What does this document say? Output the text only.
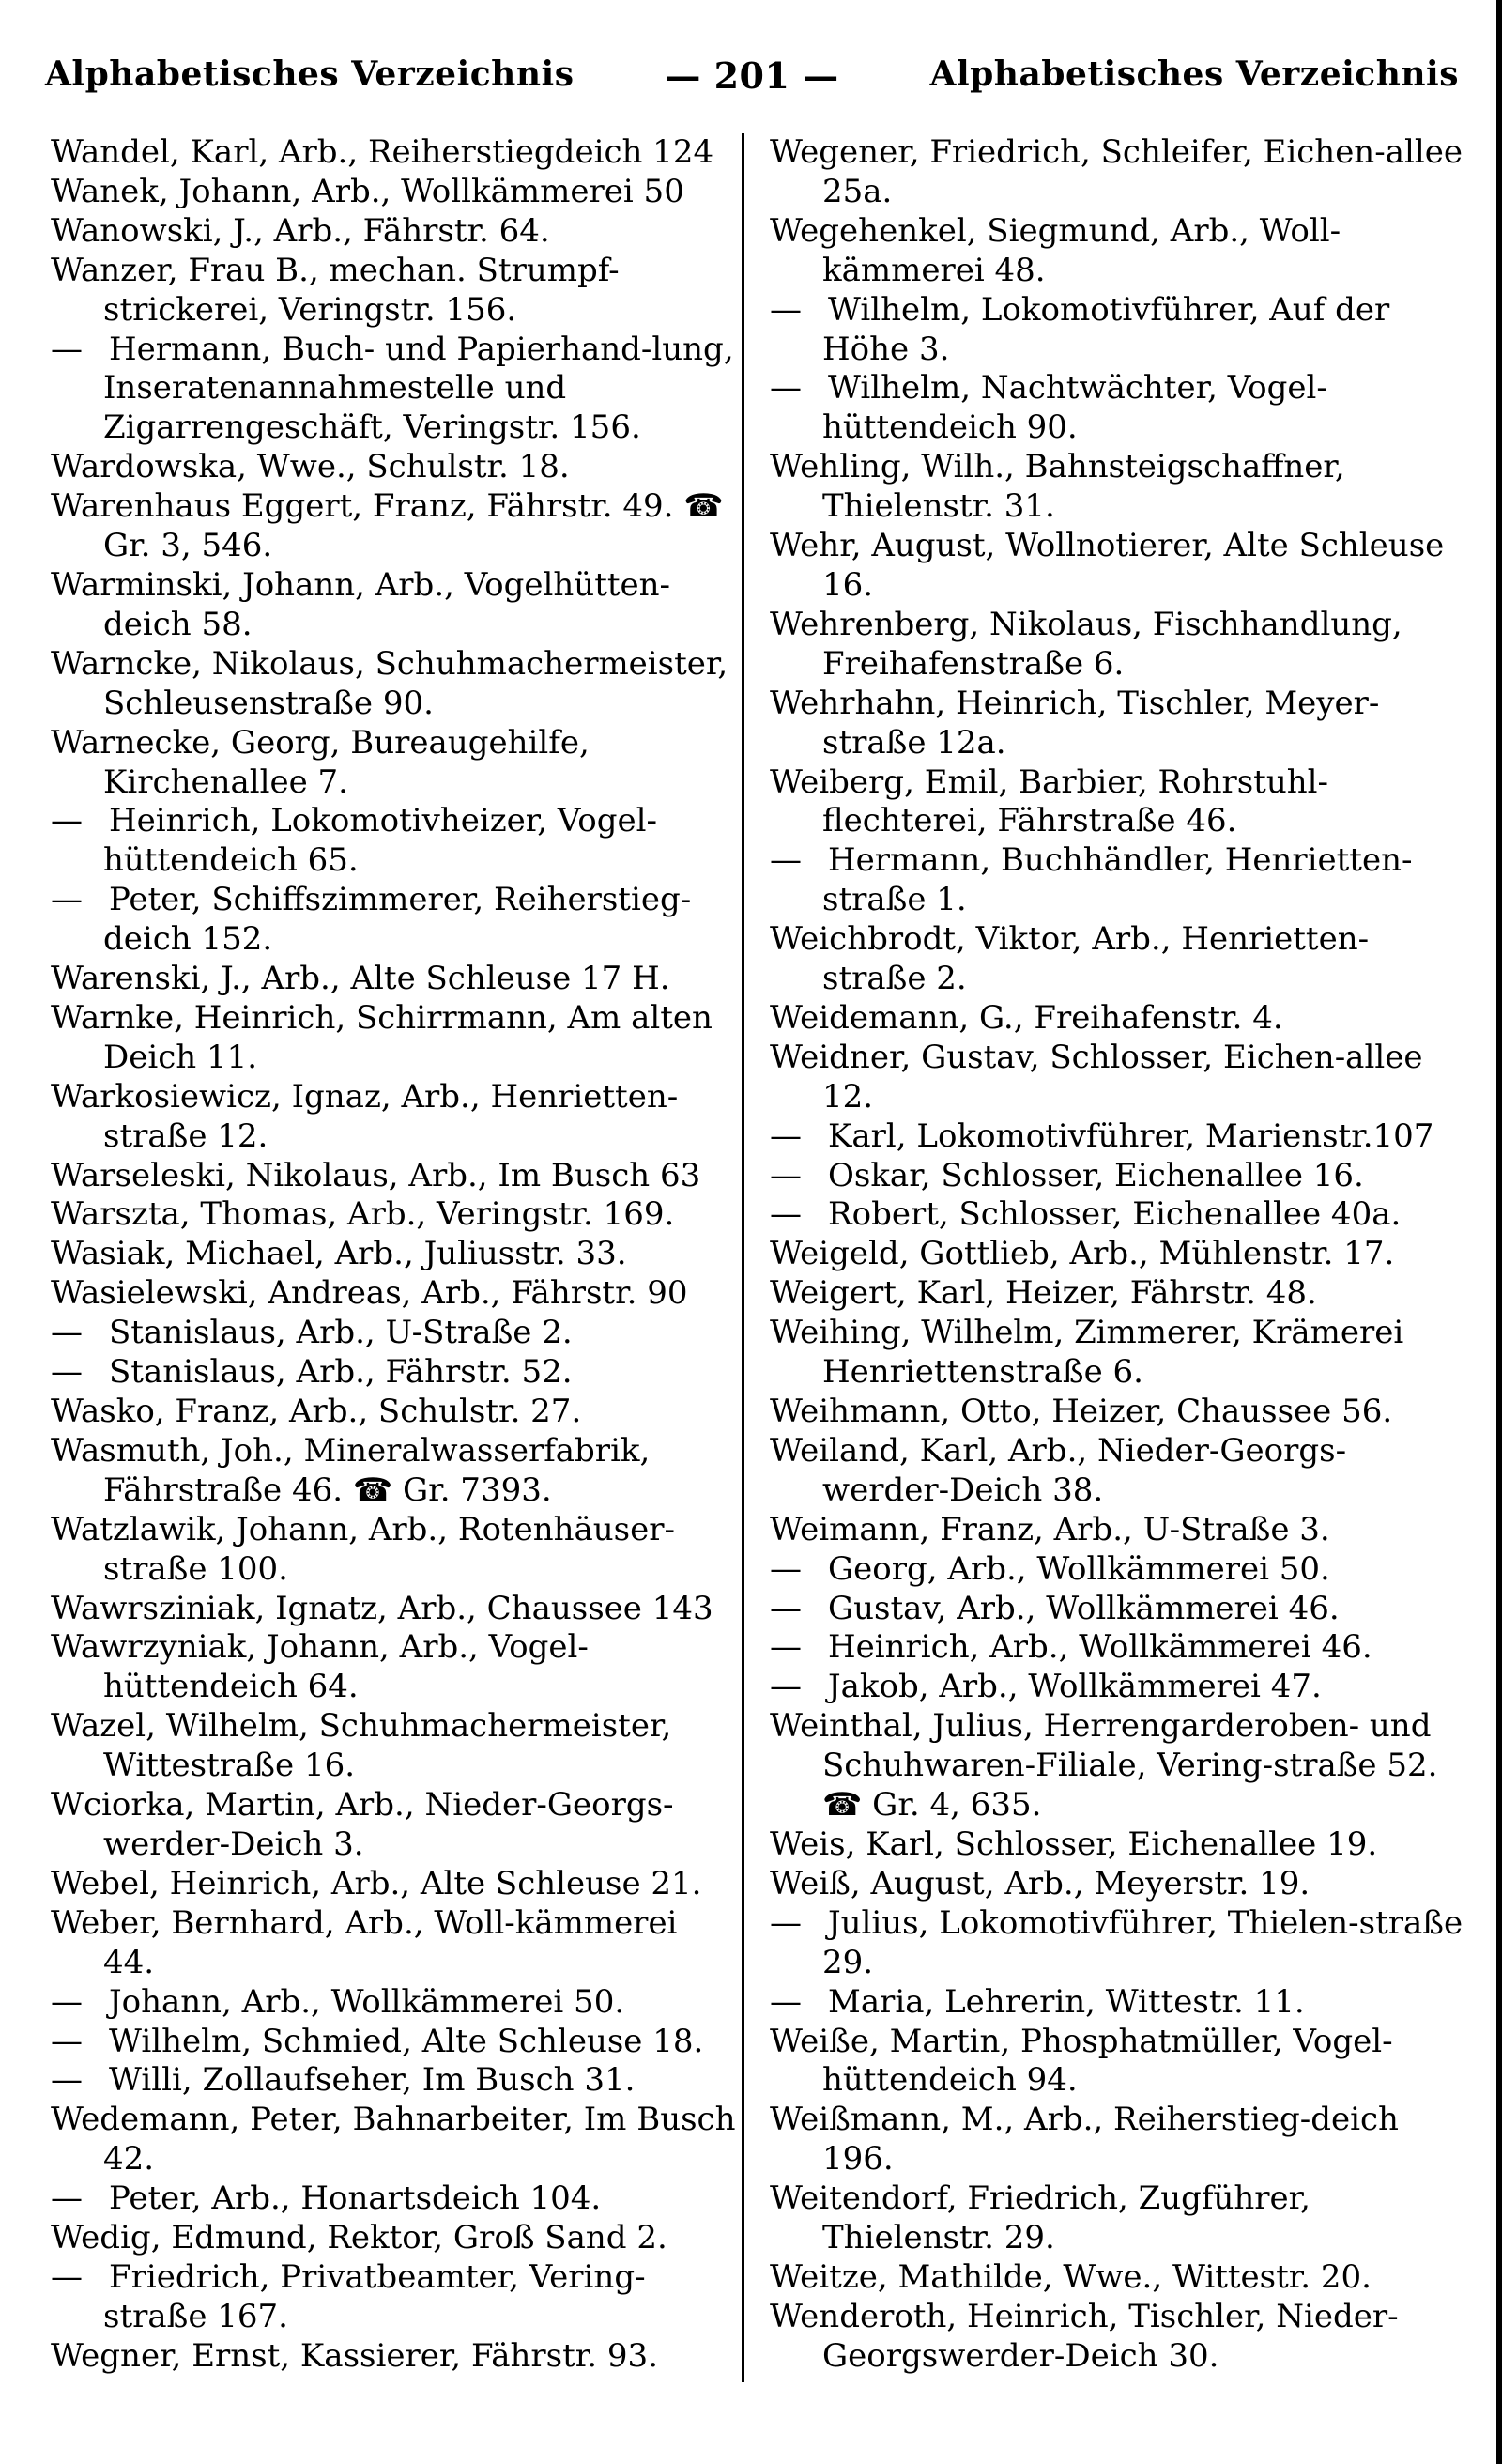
Alphabetisches Verzeichnis	— 201 —	Alphabetisches Verzeichnis
Wandel, Karl, Arb., Reiherstiegdeich 124
Wanek, Johann, Arb., Wollkämmerei 50
Wanowski, J., Arb., Fährstr. 64.
Wanzer, Frau B., mechan. Strumpf-strickerei, Veringstr. 156.
— Hermann, Buch- und Papierhand-lung, Inseratenannahmestelle und Zigarrengeschäft, Veringstr. 156.
Wardowska, Wwe., Schulstr. 18.
Warenhaus Eggert, Franz, Fährstr. 49. ☎ Gr. 3, 546.
Warminski, Johann, Arb., Vogelhütten-deich 58.
Warncke, Nikolaus, Schuhmachermeister, Schleusenstraße 90.
Warnecke, Georg, Bureaugehilfe, Kirchenallee 7.
— Heinrich, Lokomotivheizer, Vogel-hüttendeich 65.
— Peter, Schiffszimmerer, Reiherstieg-deich 152.
Warenski, J., Arb., Alte Schleuse 17 H.
Warnke, Heinrich, Schirrmann, Am alten Deich 11.
Warkosiewicz, Ignaz, Arb., Henrietten-straße 12.
Warseleski, Nikolaus, Arb., Im Busch 63
Warszta, Thomas, Arb., Veringstr. 169.
Wasiak, Michael, Arb., Juliusstr. 33.
Wasielewski, Andreas, Arb., Fährstr. 90
— Stanislaus, Arb., U-Straße 2.
— Stanislaus, Arb., Fährstr. 52.
Wasko, Franz, Arb., Schulstr. 27.
Wasmuth, Joh., Mineralwasserfabrik, Fährstraße 46. ☎ Gr. 7393.
Watzlawik, Johann, Arb., Rotenhäuser-straße 100.
Wawrsziniak, Ignatz, Arb., Chaussee 143
Wawrzyniak, Johann, Arb., Vogel-hüttendeich 64.
Wazel, Wilhelm, Schuhmachermeister, Wittestraße 16.
Wciorka, Martin, Arb., Nieder-Georgs-werder-Deich 3.
Webel, Heinrich, Arb., Alte Schleuse 21.
Weber, Bernhard, Arb., Woll-kämmerei 44.
— Johann, Arb., Wollkämmerei 50.
— Wilhelm, Schmied, Alte Schleuse 18.
— Willi, Zollaufseher, Im Busch 31.
Wedemann, Peter, Bahnarbeiter, Im Busch 42.
— Peter, Arb., Honartsdeich 104.
Wedig, Edmund, Rektor, Groß Sand 2.
— Friedrich, Privatbeamter, Vering-straße 167.
Wegner, Ernst, Kassierer, Fährstr. 93.
Wegener, Friedrich, Schleifer, Eichen-allee 25a.
Wegehenkel, Siegmund, Arb., Woll-kämmerei 48.
— Wilhelm, Lokomotivführer, Auf der Höhe 3.
— Wilhelm, Nachtwächter, Vogel-hüttendeich 90.
Wehling, Wilh., Bahnsteigschaffner, Thielenstr. 31.
Wehr, August, Wollnotierer, Alte Schleuse 16.
Wehrenberg, Nikolaus, Fischhandlung, Freihafenstraße 6.
Wehrhahn, Heinrich, Tischler, Meyer-straße 12a.
Weiberg, Emil, Barbier, Rohrstuhl-flechterei, Fährstraße 46.
— Hermann, Buchhändler, Henrietten-straße 1.
Weichbrodt, Viktor, Arb., Henrietten-straße 2.
Weidemann, G., Freihafenstr. 4.
Weidner, Gustav, Schlosser, Eichen-allee 12.
— Karl, Lokomotivführer, Marienstr.107
— Oskar, Schlosser, Eichenallee 16.
— Robert, Schlosser, Eichenallee 40a.
Weigeld, Gottlieb, Arb., Mühlenstr. 17.
Weigert, Karl, Heizer, Fährstr. 48.
Weihing, Wilhelm, Zimmerer, Krämerei Henriettenstraße 6.
Weihmann, Otto, Heizer, Chaussee 56.
Weiland, Karl, Arb., Nieder-Georgs-werder-Deich 38.
Weimann, Franz, Arb., U-Straße 3.
— Georg, Arb., Wollkämmerei 50.
— Gustav, Arb., Wollkämmerei 46.
— Heinrich, Arb., Wollkämmerei 46.
— Jakob, Arb., Wollkämmerei 47.
Weinthal, Julius, Herrengarderoben- und Schuhwaren-Filiale, Vering-straße 52. ☎ Gr. 4, 635.
Weis, Karl, Schlosser, Eichenallee 19.
Weiß, August, Arb., Meyerstr. 19.
— Julius, Lokomotivführer, Thielen-straße 29.
— Maria, Lehrerin, Wittestr. 11.
Weiße, Martin, Phosphatmüller, Vogel-hüttendeich 94.
Weißmann, M., Arb., Reiherstieg-deich 196.
Weitendorf, Friedrich, Zugführer, Thielenstr. 29.
Weitze, Mathilde, Wwe., Wittestr. 20.
Wenderoth, Heinrich, Tischler, Nieder-Georgswerder-Deich 30.
